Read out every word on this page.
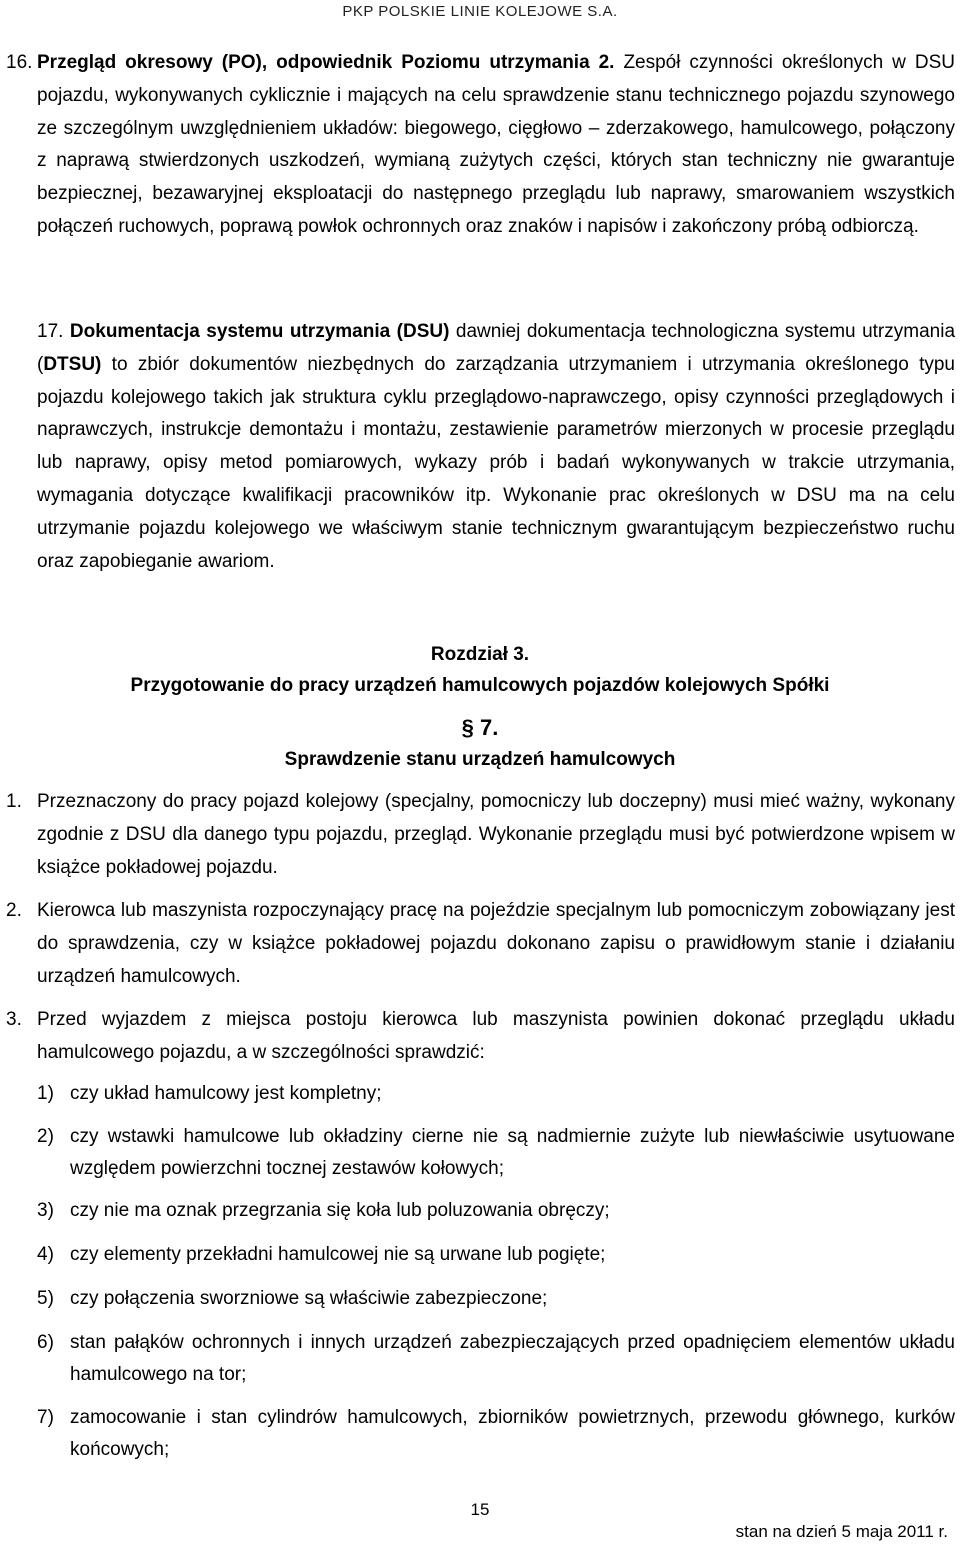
PKP POLSKIE LINIE KOLEJOWE S.A.
16. Przegląd okresowy (PO), odpowiednik Poziomu utrzymania 2. Zespół czynności określonych w DSU pojazdu, wykonywanych cyklicznie i mających na celu sprawdzenie stanu technicznego pojazdu szynowego ze szczególnym uwzględnieniem układów: biegowego, cięgłowo – zderzakowego, hamulcowego, połączony z naprawą stwierdzonych uszkodzeń, wymianą zużytych części, których stan techniczny nie gwarantuje bezpiecznej, bezawaryjnej eksploatacji do następnego przeglądu lub naprawy, smarowaniem wszystkich połączeń ruchowych, poprawą powłok ochronnych oraz znaków i napisów i zakończony próbą odbiorczą.

17. Dokumentacja systemu utrzymania (DSU) dawniej dokumentacja technologiczna systemu utrzymania (DTSU) to zbiór dokumentów niezbędnych do zarządzania utrzymaniem i utrzymania określonego typu pojazdu kolejowego takich jak struktura cyklu przeglądowo-naprawczego, opisy czynności przeglądowych i naprawczych, instrukcje demontażu i montażu, zestawienie parametrów mierzonych w procesie przeglądu lub naprawy, opisy metod pomiarowych, wykazy prób i badań wykonywanych w trakcie utrzymania, wymagania dotyczące kwalifikacji pracowników itp. Wykonanie prac określonych w DSU ma na celu utrzymanie pojazdu kolejowego we właściwym stanie technicznym gwarantującym bezpieczeństwo ruchu oraz zapobieganie awariom.

Rozdział 3.
Przygotowanie do pracy urządzeń hamulcowych pojazdów kolejowych Spółki
§ 7.
Sprawdzenie stanu urządzeń hamulcowych
1. Przeznaczony do pracy pojazd kolejowy (specjalny, pomocniczy lub doczepny) musi mieć ważny, wykonany zgodnie z DSU dla danego typu pojazdu, przegląd. Wykonanie przeglądu musi być potwierdzone wpisem w książce pokładowej pojazdu.

2. Kierowca lub maszynista rozpoczynający pracę na pojeździe specjalnym lub pomocniczym zobowiązany jest do sprawdzenia, czy w książce pokładowej pojazdu dokonano zapisu o prawidłowym stanie i działaniu urządzeń hamulcowych.

3. Przed wyjazdem z miejsca postoju kierowca lub maszynista powinien dokonać przeglądu układu hamulcowego pojazdu, a w szczególności sprawdzić:

1) czy układ hamulcowy jest kompletny;
2) czy wstawki hamulcowe lub okładziny cierne nie są nadmiernie zużyte lub niewłaściwie usytuowane względem powierzchni tocznej zestawów kołowych;
3) czy nie ma oznak przegrzania się koła lub poluzowania obręczy;
4) czy elementy przekładni hamulcowej nie są urwane lub pogięte;
5) czy połączenia sworzniowe są właściwie zabezpieczone;
6) stan pałąków ochronnych i innych urządzeń zabezpieczających przed opadnięciem elementów układu hamulcowego na tor;
7) zamocowanie i stan cylindrów hamulcowych, zbiorników powietrznych, przewodu głównego, kurków końcowych;
15
stan na dzień 5 maja 2011 r.
